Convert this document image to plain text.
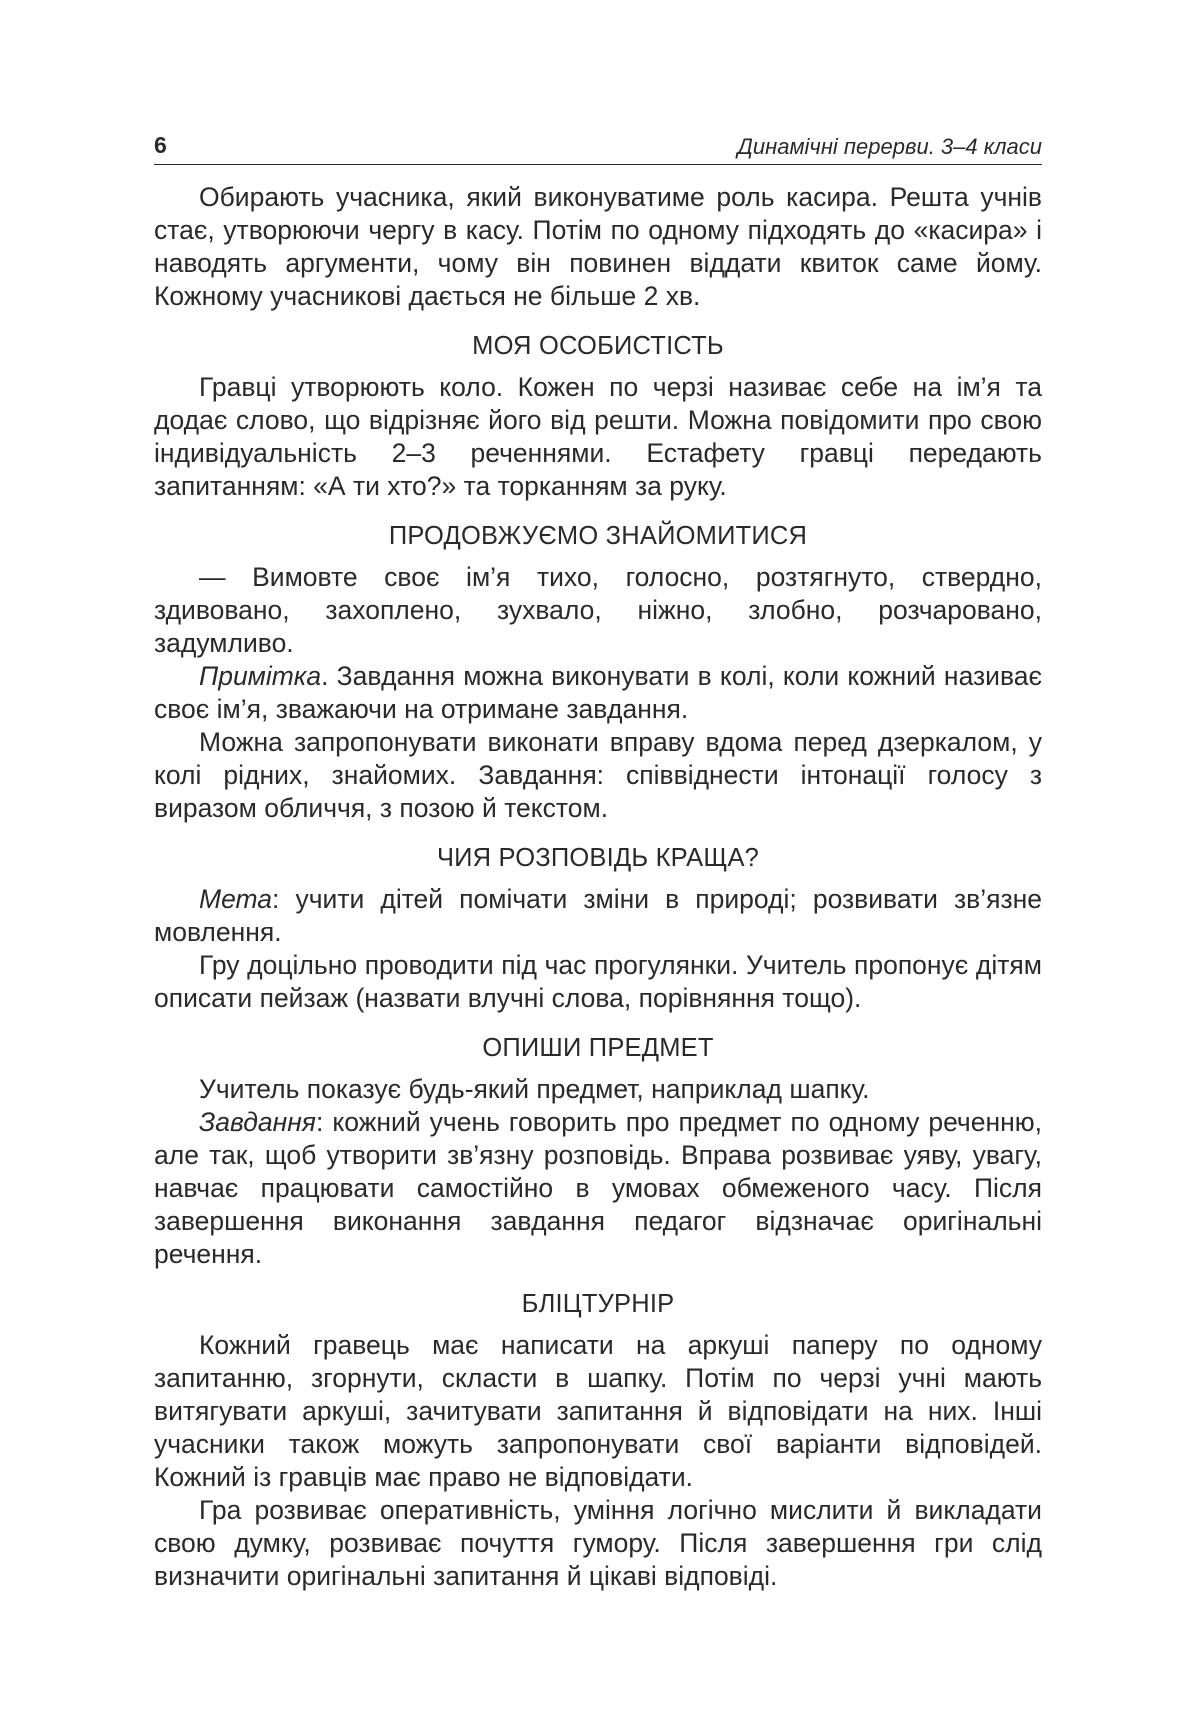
6	Динамічні перерви. 3–4 класи

Обирають учасника, який виконуватиме роль касира. Решта учнів стає, утворюючи чергу в касу. Потім по одному підходять до «касира» і наводять аргументи, чому він повинен віддати квиток саме йому. Кожному учасникові дається не більше 2 хв.

МОЯ ОСОБИСТІСТЬ

Гравці утворюють коло. Кожен по черзі називає себе на ім’я та додає слово, що відрізняє його від решти. Можна повідомити про свою індивідуальність 2–3 реченнями. Естафету гравці передають запитанням: «А ти хто?» та торканням за руку.

ПРОДОВЖУЄМО ЗНАЙОМИТИСЯ

— Вимовте своє ім’я тихо, голосно, розтягнуто, ствердно, здивовано, захоплено, зухвало, ніжно, злобно, розчаровано, задумливо.

Примітка. Завдання можна виконувати в колі, коли кожний називає своє ім’я, зважаючи на отримане завдання.

Можна запропонувати виконати вправу вдома перед дзеркалом, у колі рідних, знайомих. Завдання: співвіднести інтонації голосу з виразом обличчя, з позою й текстом.

ЧИЯ РОЗПОВІДЬ КРАЩА?

Мета: учити дітей помічати зміни в природі; розвивати зв’язне мовлення.

Гру доцільно проводити під час прогулянки. Учитель пропонує дітям описати пейзаж (назвати влучні слова, порівняння тощо).

ОПИШИ ПРЕДМЕТ

Учитель показує будь-який предмет, наприклад шапку.

Завдання: кожний учень говорить про предмет по одному реченню, але так, щоб утворити зв’язну розповідь. Вправа розвиває уяву, увагу, навчає працювати самостійно в умовах обмеженого часу. Після завершення виконання завдання педагог відзначає оригінальні речення.

БЛІЦТУРНІР

Кожний гравець має написати на аркуші паперу по одному запитанню, згорнути, скласти в шапку. Потім по черзі учні мають витягувати аркуші, зачитувати запитання й відповідати на них. Інші учасники також можуть запропонувати свої варіанти відповідей. Кожний із гравців має право не відповідати.

Гра розвиває оперативність, уміння логічно мислити й викладати свою думку, розвиває почуття гумору. Після завершення гри слід визначити оригінальні запитання й цікаві відповіді.
